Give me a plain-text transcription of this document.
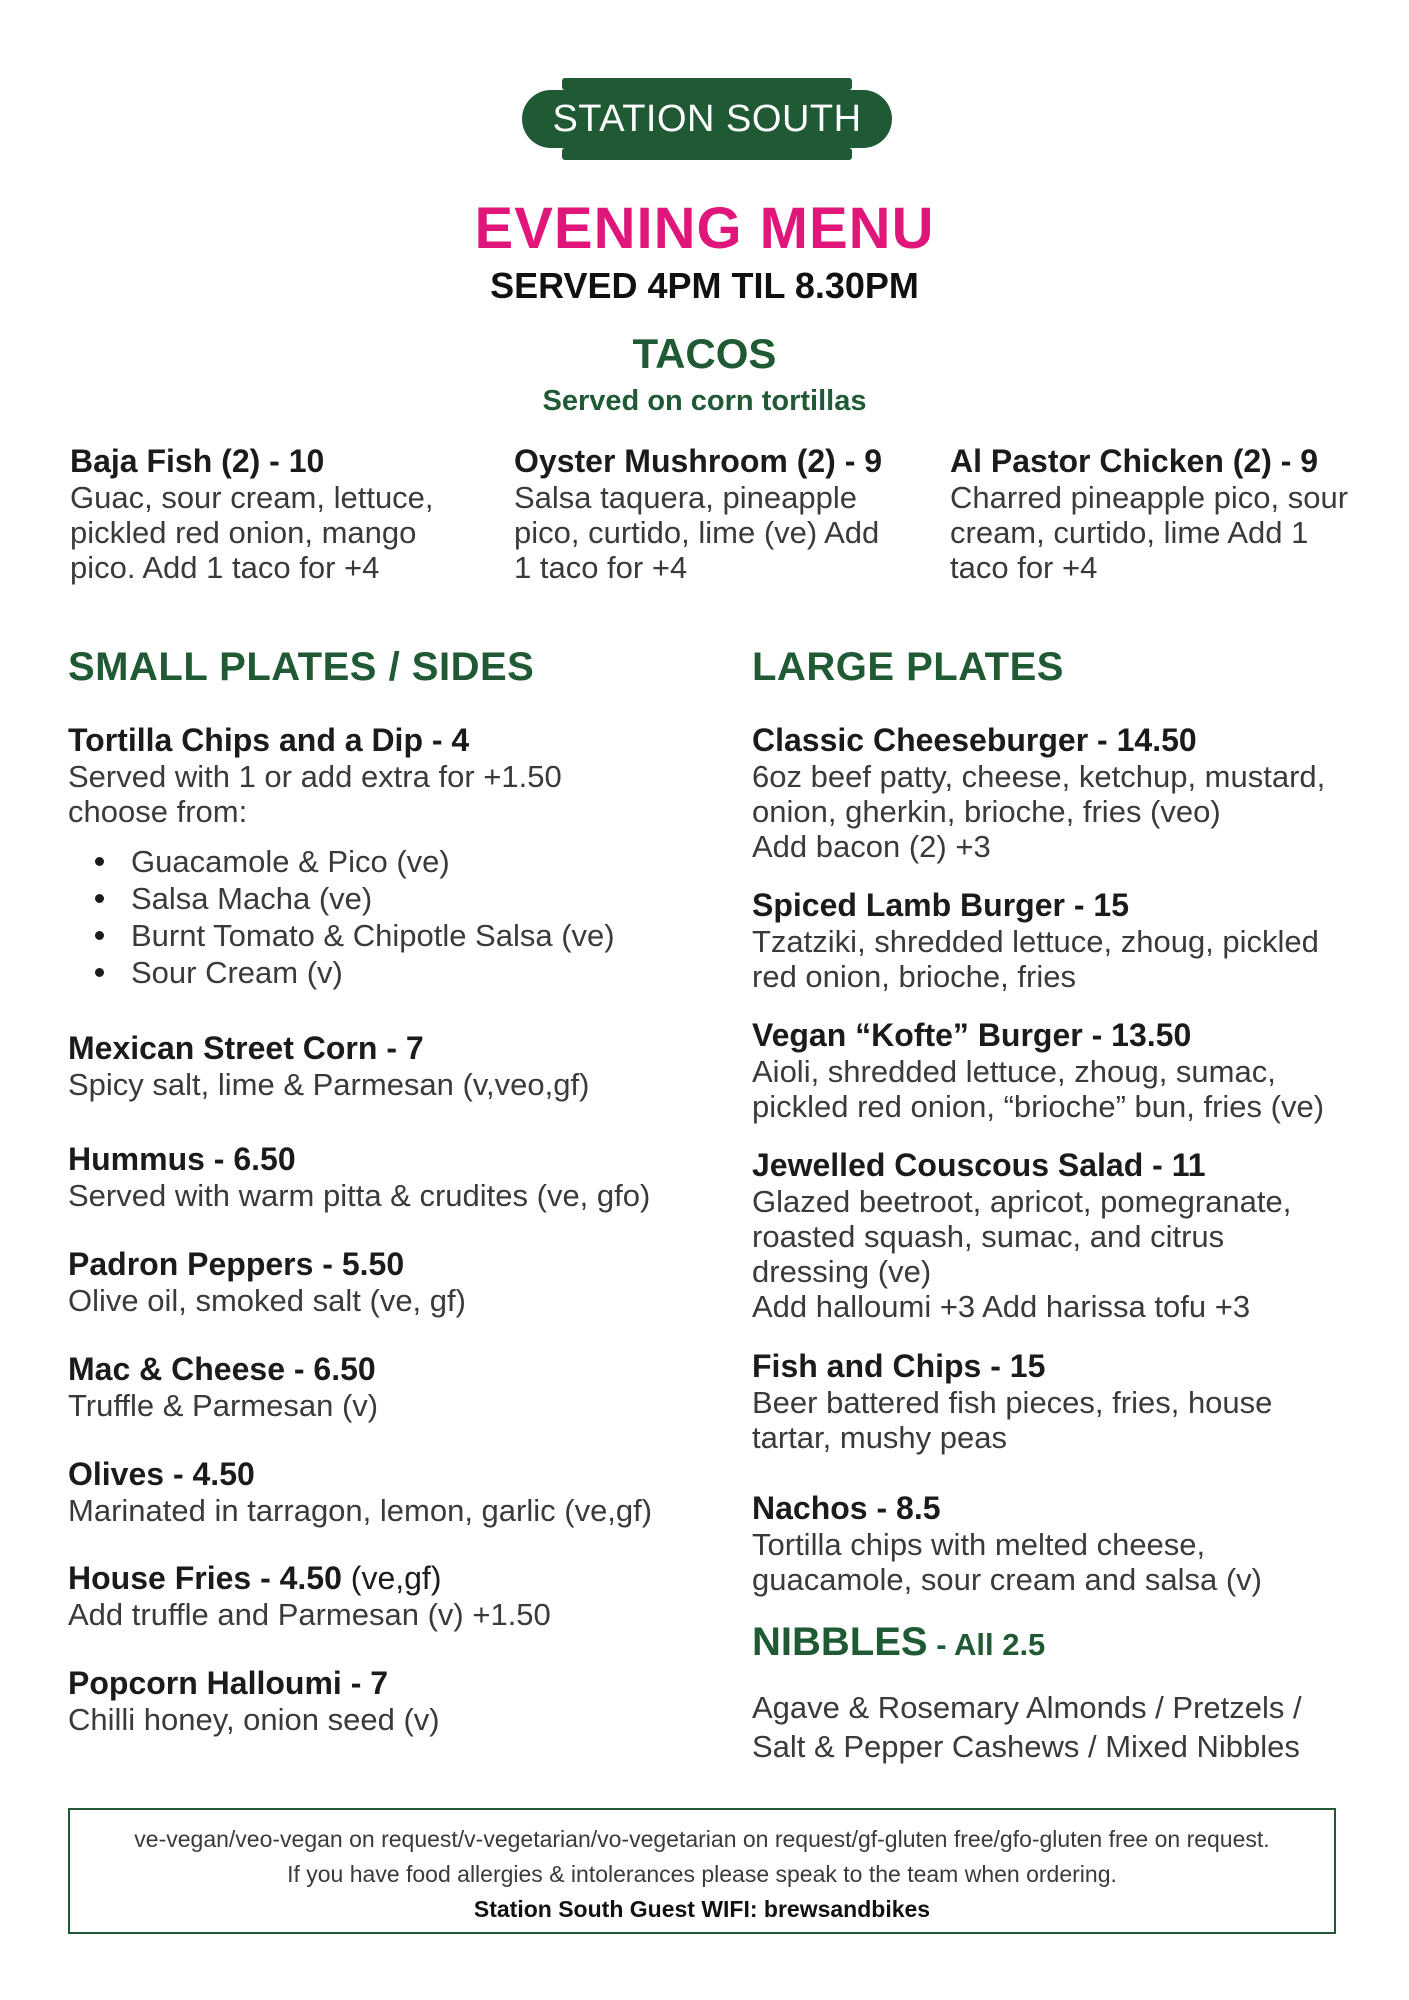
STATION SOUTH
EVENING MENU
SERVED 4PM TIL 8.30PM
TACOS
Served on corn tortillas
Baja Fish (2) - 10
Guac, sour cream, lettuce, pickled red onion, mango pico. Add 1 taco for +4
Oyster Mushroom (2) - 9
Salsa taquera, pineapple pico, curtido, lime (ve) Add 1 taco for +4
Al Pastor Chicken (2) - 9
Charred pineapple pico, sour cream, curtido, lime Add 1 taco for +4
SMALL PLATES / SIDES
Tortilla Chips and a Dip - 4
Served with 1 or add extra for +1.50 choose from:
Guacamole & Pico (ve)
Salsa Macha (ve)
Burnt Tomato & Chipotle Salsa (ve)
Sour Cream (v)
Mexican Street Corn - 7
Spicy salt, lime & Parmesan (v,veo,gf)
Hummus - 6.50
Served with warm pitta & crudites (ve, gfo)
Padron Peppers - 5.50
Olive oil, smoked salt (ve, gf)
Mac & Cheese - 6.50
Truffle & Parmesan (v)
Olives - 4.50
Marinated in tarragon, lemon, garlic (ve,gf)
House Fries - 4.50 (ve,gf)
Add truffle and Parmesan (v) +1.50
Popcorn Halloumi - 7
Chilli honey, onion seed (v)
LARGE PLATES
Classic Cheeseburger - 14.50
6oz beef patty, cheese, ketchup, mustard, onion, gherkin, brioche, fries (veo)
Add bacon (2) +3
Spiced Lamb Burger - 15
Tzatziki, shredded lettuce, zhoug, pickled red onion, brioche, fries
Vegan “Kofte” Burger - 13.50
Aioli, shredded lettuce, zhoug, sumac, pickled red onion, “brioche” bun, fries (ve)
Jewelled Couscous Salad - 11
Glazed beetroot, apricot, pomegranate, roasted squash, sumac, and citrus dressing (ve)
Add halloumi +3 Add harissa tofu +3
Fish and Chips - 15
Beer battered fish pieces, fries, house tartar, mushy peas
Nachos - 8.5
Tortilla chips with melted cheese, guacamole, sour cream and salsa (v)
NIBBLES - All 2.5
Agave & Rosemary Almonds / Pretzels /
Salt & Pepper Cashews / Mixed Nibbles
ve-vegan/veo-vegan on request/v-vegetarian/vo-vegetarian on request/gf-gluten free/gfo-gluten free on request.
If you have food allergies & intolerances please speak to the team when ordering.
Station South Guest WIFI: brewsandbikes
